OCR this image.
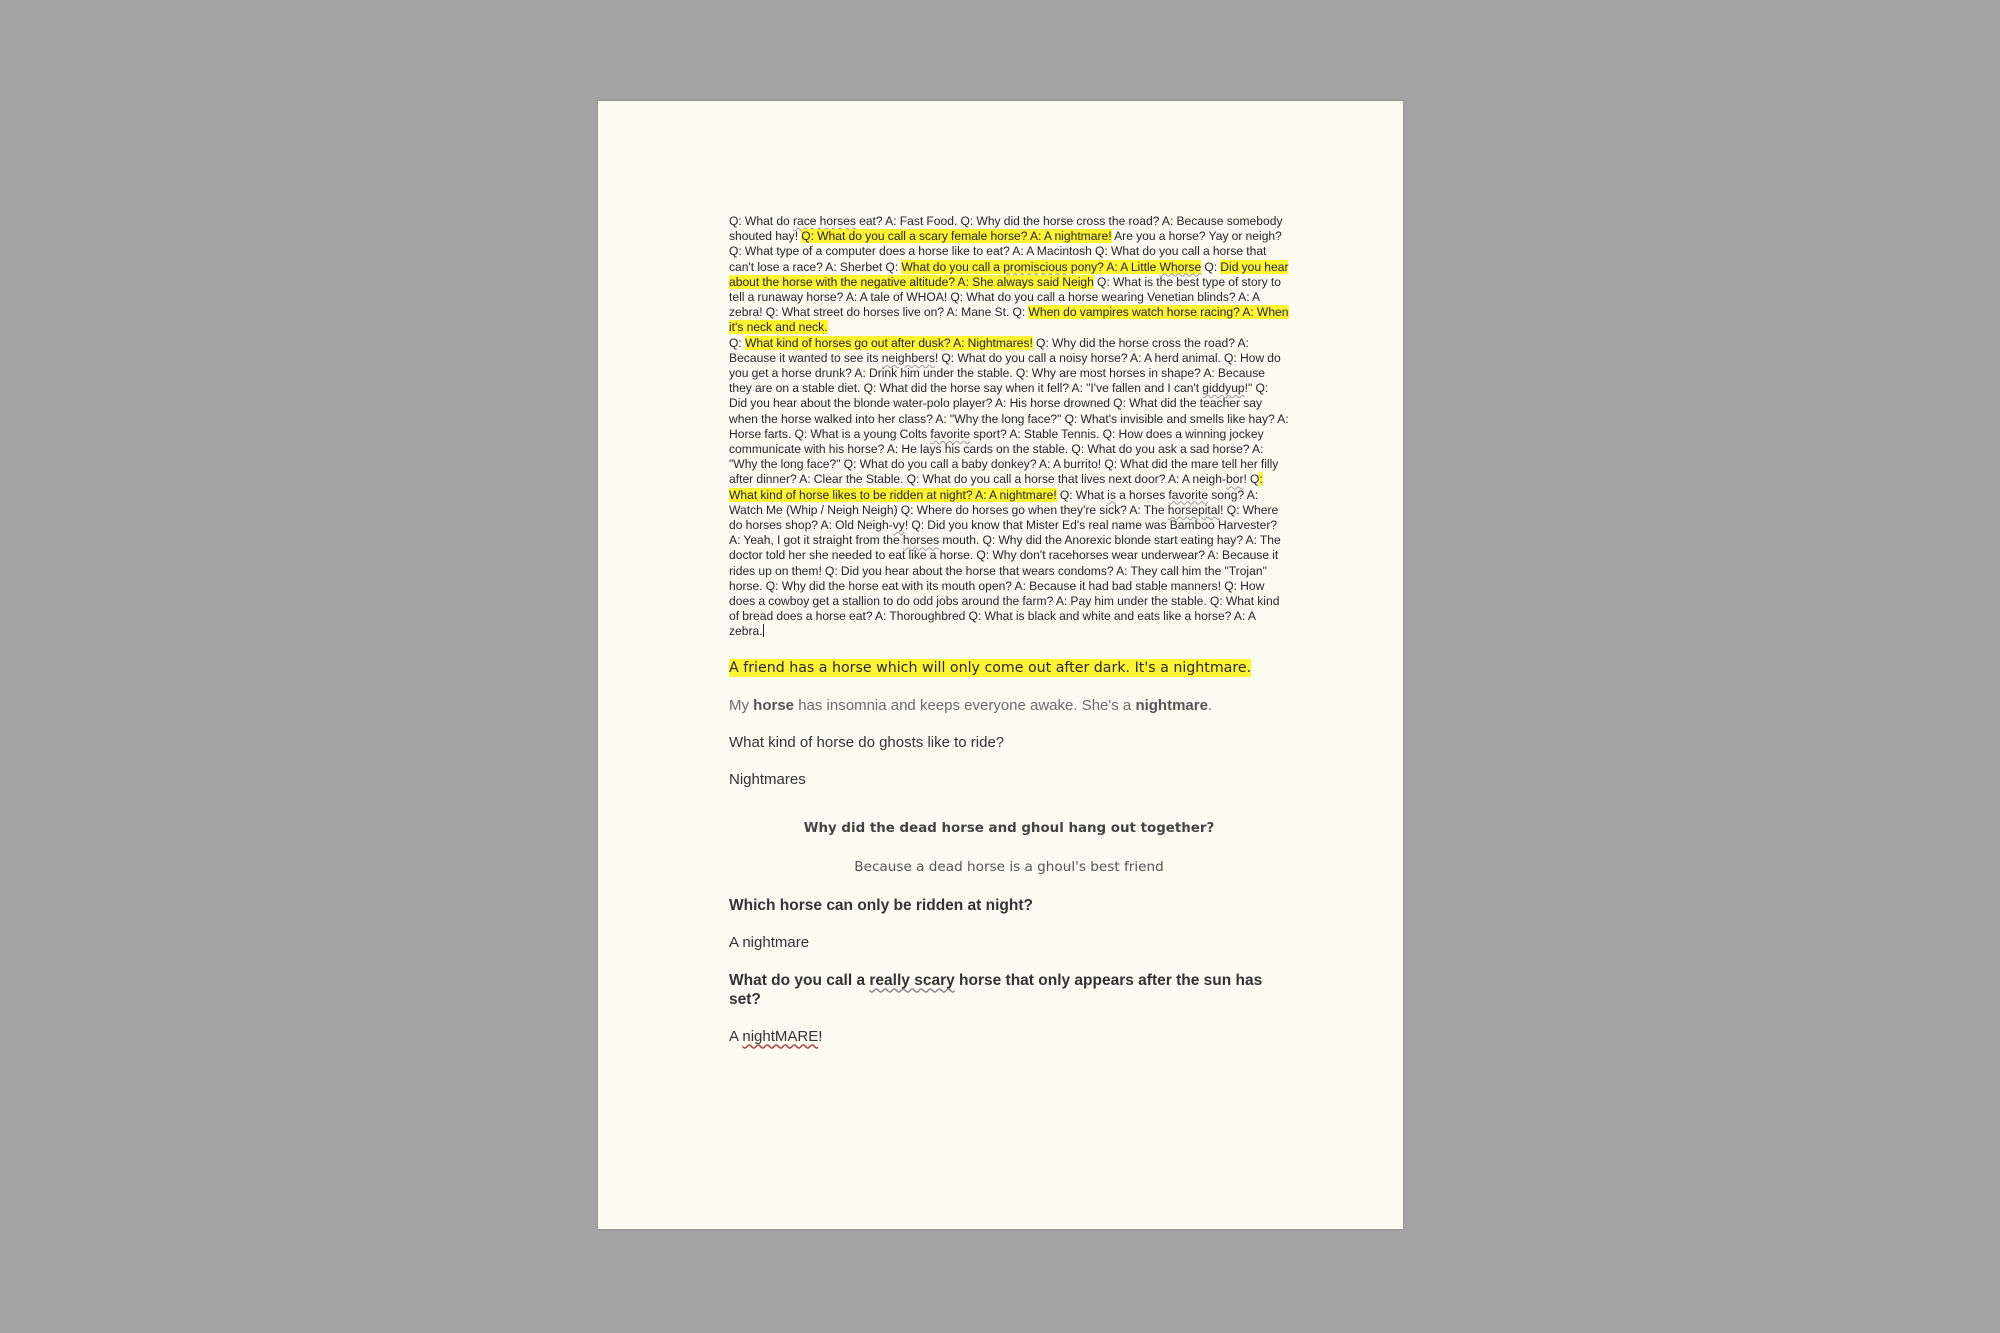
Q: What do race horses eat? A: Fast Food. Q: Why did the horse cross the road? A: Because somebody shouted hay! Q: What do you call a scary female horse? A: A nightmare! Are you a horse? Yay or neigh? Q: What type of a computer does a horse like to eat? A: A Macintosh Q: What do you call a horse that can't lose a race? A: Sherbet Q: What do you call a promiscious pony? A: A Little Whorse Q: Did you hear about the horse with the negative altitude? A: She always said Neigh Q: What is the best type of story to tell a runaway horse? A: A tale of WHOA! Q: What do you call a horse wearing Venetian blinds? A: A zebra! Q: What street do horses live on? A: Mane St. Q: When do vampires watch horse racing? A: When it's neck and neck.
Q: What kind of horses go out after dusk? A: Nightmares! Q: Why did the horse cross the road? A: Because it wanted to see its neighbers! Q: What do you call a noisy horse? A: A herd animal. Q: How do you get a horse drunk? A: Drink him under the stable. Q: Why are most horses in shape? A: Because they are on a stable diet. Q: What did the horse say when it fell? A: "I've fallen and I can't giddyup!" Q: Did you hear about the blonde water-polo player? A: His horse drowned Q: What did the teacher say when the horse walked into her class? A: "Why the long face?" Q: What's invisible and smells like hay? A: Horse farts. Q: What is a young Colts favorite sport? A: Stable Tennis. Q: How does a winning jockey communicate with his horse? A: He lays his cards on the stable. Q: What do you ask a sad horse? A: "Why the long face?" Q: What do you call a baby donkey? A: A burrito! Q: What did the mare tell her filly after dinner? A: Clear the Stable. Q: What do you call a horse that lives next door? A: A neigh-bor! Q: What kind of horse likes to be ridden at night? A: A nightmare! Q: What is a horses favorite song? A: Watch Me (Whip / Neigh Neigh) Q: Where do horses go when they're sick? A: The horsepital! Q: Where do horses shop? A: Old Neigh-vy! Q: Did you know that Mister Ed's real name was Bamboo Harvester? A: Yeah, I got it straight from the horses mouth. Q: Why did the Anorexic blonde start eating hay? A: The doctor told her she needed to eat like a horse. Q: Why don't racehorses wear underwear? A: Because it rides up on them! Q: Did you hear about the horse that wears condoms? A: They call him the "Trojan" horse. Q: Why did the horse eat with its mouth open? A: Because it had bad stable manners! Q: How does a cowboy get a stallion to do odd jobs around the farm? A: Pay him under the stable. Q: What kind of bread does a horse eat? A: Thoroughbred Q: What is black and white and eats like a horse? A: A zebra.
A friend has a horse which will only come out after dark. It's a nightmare.
My horse has insomnia and keeps everyone awake. She's a nightmare.
What kind of horse do ghosts like to ride?
Nightmares
Why did the dead horse and ghoul hang out together?
Because a dead horse is a ghoul's best friend
Which horse can only be ridden at night?
A nightmare
What do you call a really scary horse that only appears after the sun has set?
A nightMARE!
